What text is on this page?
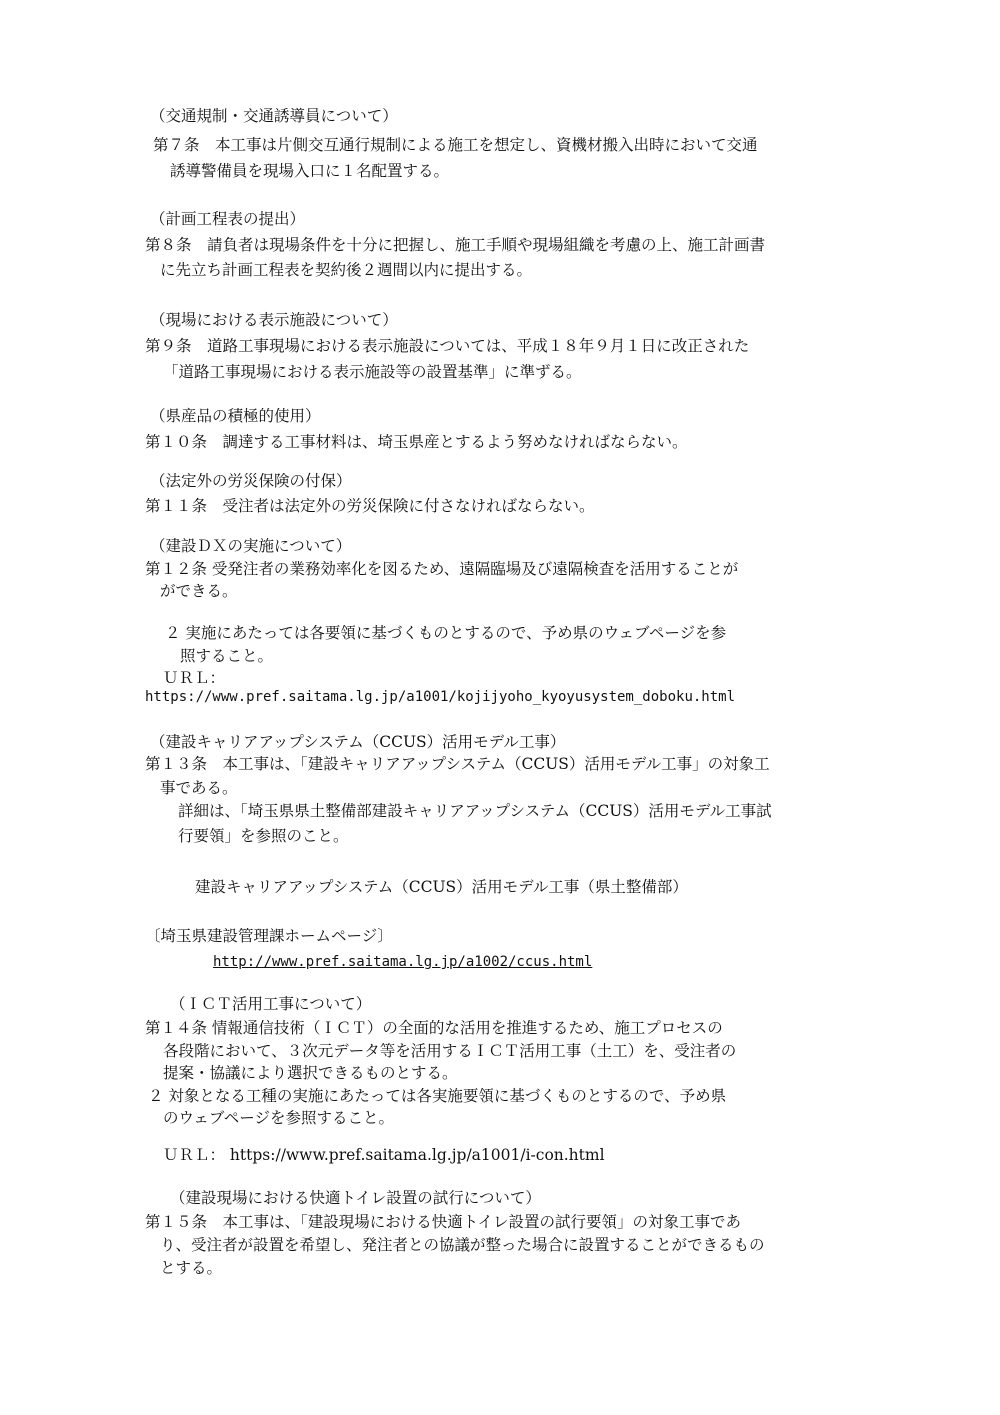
（交通規制・交通誘導員について）
第７条　本工事は片側交互通行規制による施工を想定し、資機材搬入出時において交通
誘導警備員を現場入口に１名配置する。
（計画工程表の提出）
第８条　請負者は現場条件を十分に把握し、施工手順や現場組織を考慮の上、施工計画書
に先立ち計画工程表を契約後２週間以内に提出する。
（現場における表示施設について）
第９条　道路工事現場における表示施設については、平成１８年９月１日に改正された
「道路工事現場における表示施設等の設置基準」に準ずる。
（県産品の積極的使用）
第１０条　調達する工事材料は、埼玉県産とするよう努めなければならない。
（法定外の労災保険の付保）
第１１条　受注者は法定外の労災保険に付さなければならない。
（建設ＤＸの実施について）
第１２条 受発注者の業務効率化を図るため、遠隔臨場及び遠隔検査を活用することが
ができる。
２ 実施にあたっては各要領に基づくものとするので、予め県のウェブページを参
照すること。
ＵＲＬ：
https://www.pref.saitama.lg.jp/a1001/kojijyoho_kyoyusystem_doboku.html
（建設キャリアアップシステム（CCUS）活用モデル工事）
第１３条　本工事は、「建設キャリアアップシステム（CCUS）活用モデル工事」の対象工
事である。
詳細は、「埼玉県県土整備部建設キャリアアップシステム（CCUS）活用モデル工事試
行要領」を参照のこと。
建設キャリアアップシステム（CCUS）活用モデル工事（県土整備部）
〔埼玉県建設管理課ホームページ〕
http://www.pref.saitama.lg.jp/a1002/ccus.html
（ＩＣＴ活用工事について）
第１４条 情報通信技術（ＩＣＴ）の全面的な活用を推進するため、施工プロセスの
各段階において、３次元データ等を活用するＩＣＴ活用工事（土工）を、受注者の
提案・協議により選択できるものとする。
２ 対象となる工種の実施にあたっては各実施要領に基づくものとするので、予め県
のウェブページを参照すること。
ＵＲＬ： https://www.pref.saitama.lg.jp/a1001/i-con.html
（建設現場における快適トイレ設置の試行について）
第１５条　本工事は、「建設現場における快適トイレ設置の試行要領」の対象工事であ
り、受注者が設置を希望し、発注者との協議が整った場合に設置することができるもの
とする。
